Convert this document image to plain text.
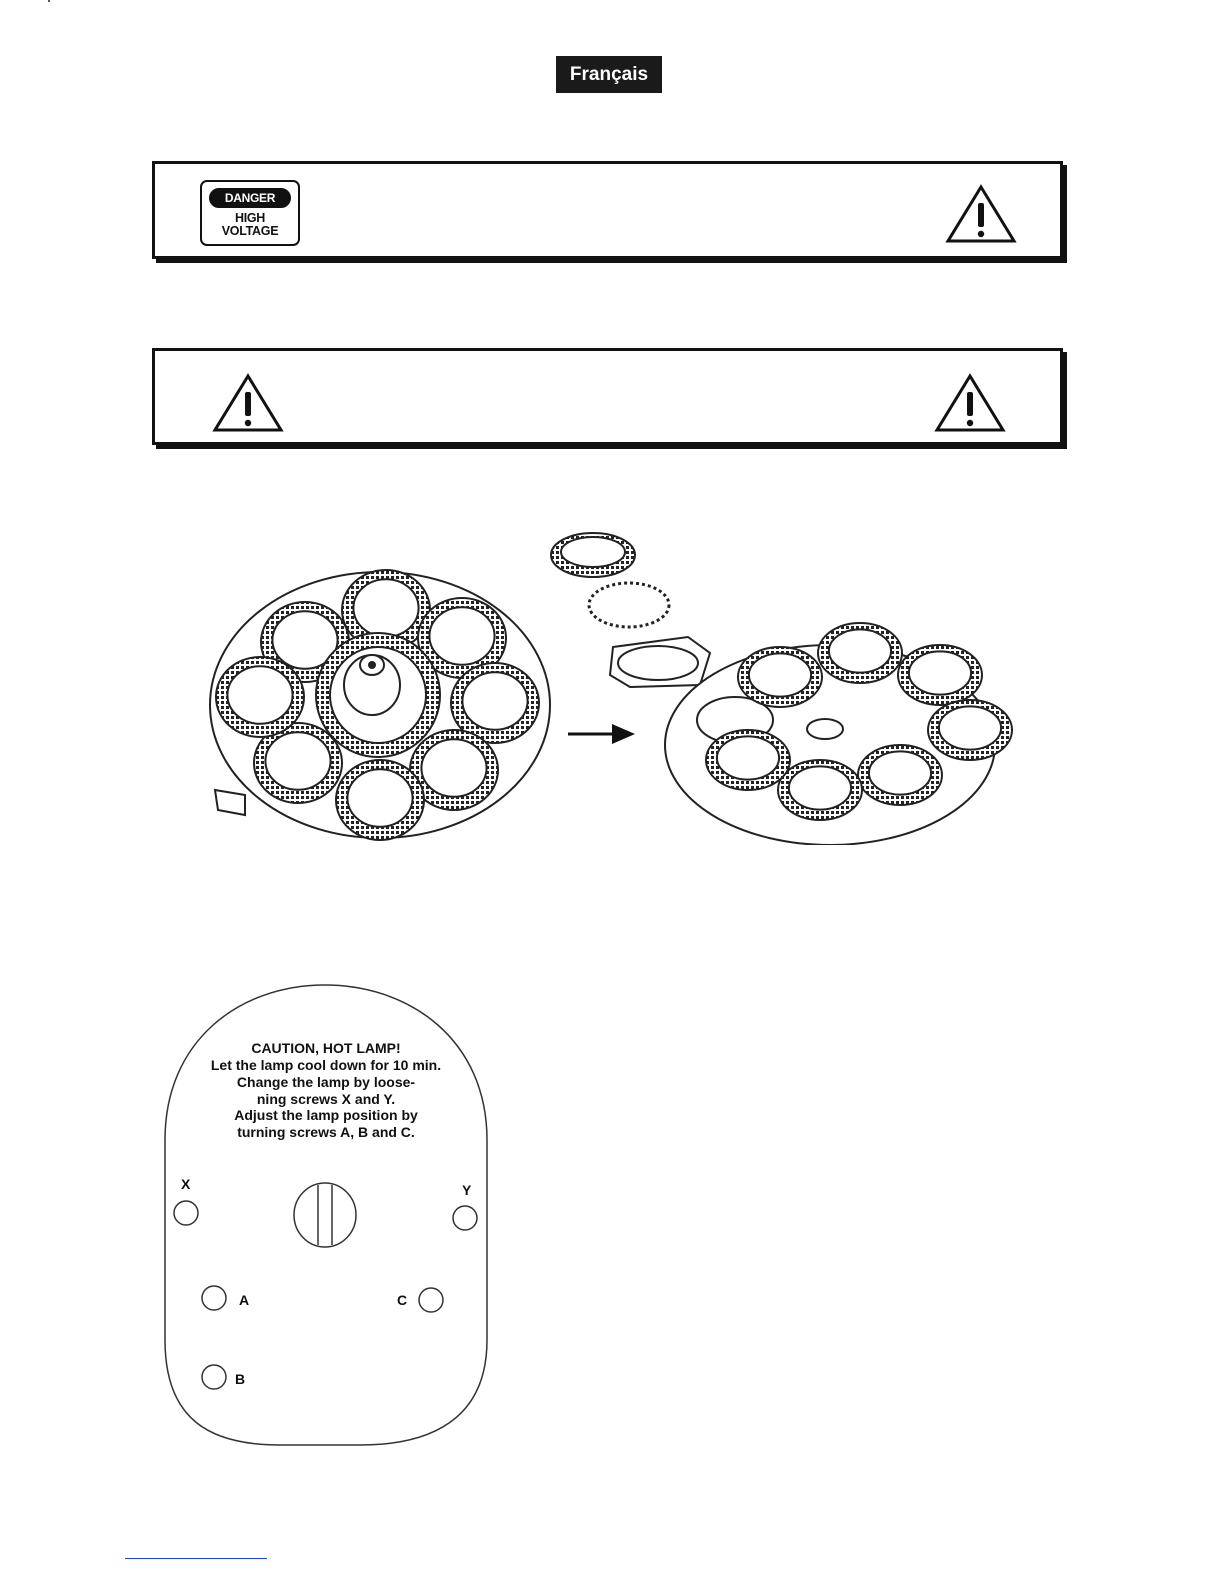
Français
DANGER
HIGH
VOLTAGE
CAUTION, HOT LAMP!
Let the lamp cool down for 10 min.
Change the lamp by loose-
ning screws X and Y.
Adjust the lamp position by
turning screws A, B and C.
X	Y
A	C
B
